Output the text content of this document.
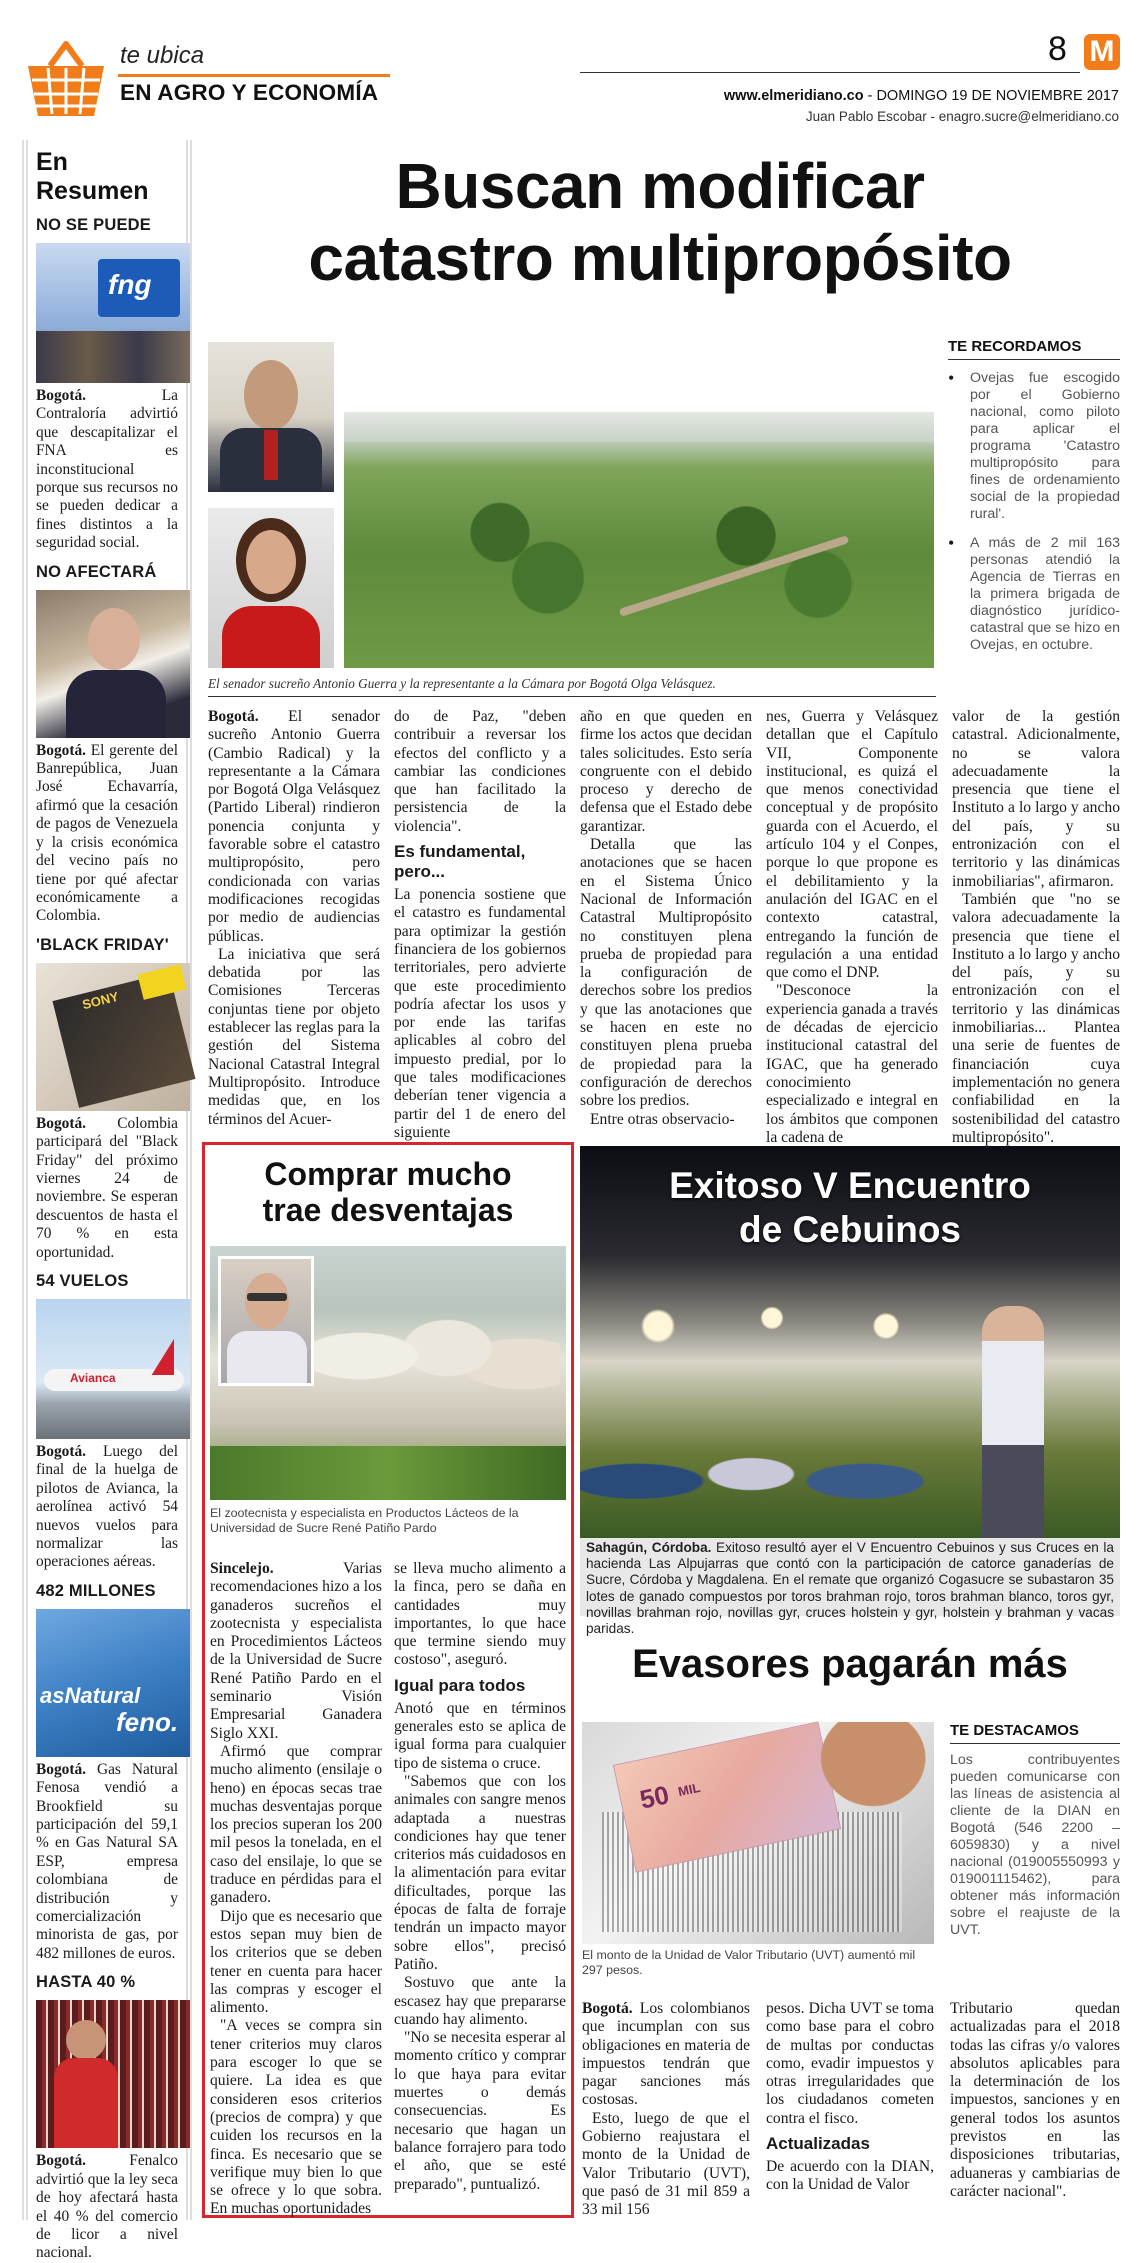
te ubica
EN AGRO Y ECONOMÍA
8 M
www.elmeridiano.co - DOMINGO 19 DE NOVIEMBRE 2017
Juan Pablo Escobar - enagro.sucre@elmeridiano.co
En Resumen
NO SE PUEDE
fng

Bogotá. La Contraloría advirtió que descapitalizar el FNA es inconstitucional porque sus recursos no se pueden dedicar a fines distintos a la seguridad social.

NO AFECTARÁ

Bogotá. El gerente del Banrepública, Juan José Echavarría, afirmó que la cesación de pagos de Venezuela y la crisis económica del vecino país no tiene por qué afectar económicamente a Colombia.

'BLACK FRIDAY'
SONY

Bogotá. Colombia participará del "Black Friday" del próximo viernes 24 de noviembre. Se esperan descuentos de hasta el 70 % en esta oportunidad.

54 VUELOS
Avianca

Bogotá. Luego del final de la huelga de pilotos de Avianca, la aerolínea activó 54 nuevos vuelos para normalizar las operaciones aéreas.

482 MILLONES
asNatural
feno.

Bogotá. Gas Natural Fenosa vendió a Brookfield su participación del 59,1 % en Gas Natural SA ESP, empresa colombiana de distribución y comercialización minorista de gas, por 482 millones de euros.

HASTA 40 %

Bogotá. Fenalco advirtió que la ley seca de hoy afectará hasta el 40 % del comercio de licor a nivel nacional.

Buscan modificar
catastro multipropósito
El senador sucreño Antonio Guerra y la representante a la Cámara por Bogotá Olga Velásquez.
TE RECORDAMOS
•	Ovejas fue escogido por el Gobierno nacional, como piloto para aplicar el programa 'Catastro multipropósito para fines de ordenamiento social de la propiedad rural'.

•	A más de 2 mil 163 personas atendió la Agencia de Tierras en la primera brigada de diagnóstico jurídico-catastral que se hizo en Ovejas, en octubre.

Bogotá. El senador sucreño Antonio Guerra (Cambio Radical) y la representante a la Cámara por Bogotá Olga Velásquez (Partido Liberal) rindieron ponencia conjunta y favorable sobre el catastro multipropósito, pero condicionada con varias modificaciones recogidas por medio de audiencias públicas.

La iniciativa que será debatida por las Comisiones Terceras conjuntas tiene por objeto establecer las reglas para la gestión del Sistema Nacional Catastral Integral Multipropósito. Introduce medidas que, en los términos del Acuer-

do de Paz, "deben contribuir a reversar los efectos del conflicto y a cambiar las condiciones que han facilitado la persistencia de la violencia".

Es fundamental, pero...

La ponencia sostiene que el catastro es fundamental para optimizar la gestión financiera de los gobiernos territoriales, pero advierte que este procedimiento podría afectar los usos y por ende las tarifas aplicables al cobro del impuesto predial, por lo que tales modificaciones deberían tener vigencia a partir del 1 de enero del siguiente

año en que queden en firme los actos que decidan tales solicitudes. Esto sería congruente con el debido proceso y derecho de defensa que el Estado debe garantizar.

Detalla que las anotaciones que se hacen en el Sistema Único Nacional de Información Catastral Multipropósito no constituyen plena prueba de propiedad para la configuración de derechos sobre los predios y que las anotaciones que se hacen en este no constituyen plena prueba de propiedad para la configuración de derechos sobre los predios.

Entre otras observacio-

nes, Guerra y Velásquez detallan que el Capítulo VII, Componente institucional, es quizá el que menos conectividad conceptual y de propósito guarda con el Acuerdo, el artículo 104 y el Conpes, porque lo que propone es el debilitamiento y la anulación del IGAC en el contexto catastral, entregando la función de regulación a una entidad que como el DNP.

"Desconoce la experiencia ganada a través de décadas de ejercicio institucional catastral del IGAC, que ha generado conocimiento especializado e integral en los ámbitos que componen la cadena de

valor de la gestión catastral. Adicionalmente, no se valora adecuadamente la presencia que tiene el Instituto a lo largo y ancho del país, y su entronización con el territorio y las dinámicas inmobiliarias", afirmaron.

También que "no se valora adecuadamente la presencia que tiene el Instituto a lo largo y ancho del país, y su entronización con el territorio y las dinámicas inmobiliarias... Plantea una serie de fuentes de financiación cuya implementación no genera confiabilidad en la sostenibilidad del catastro multipropósito".

Comprar mucho
trae desventajas
El zootecnista y especialista en Productos Lácteos de la Universidad de Sucre René Patiño Pardo

Sincelejo. Varias recomendaciones hizo a los ganaderos sucreños el zootecnista y especialista en Procedimientos Lácteos de la Universidad de Sucre René Patiño Pardo en el seminario Visión Empresarial Ganadera Siglo XXI.

Afirmó que comprar mucho alimento (ensilaje o heno) en épocas secas trae muchas desventajas porque los precios superan los 200 mil pesos la tonelada, en el caso del ensilaje, lo que se traduce en pérdidas para el ganadero.

Dijo que es necesario que estos sepan muy bien de los criterios que se deben tener en cuenta para hacer las compras y escoger el alimento.

"A veces se compra sin tener criterios muy claros para escoger lo que se quiere. La idea es que consideren esos criterios (precios de compra) y que cuiden los recursos en la finca. Es necesario que se verifique muy bien lo que se ofrece y lo que sobra. En muchas oportunidades

se lleva mucho alimento a la finca, pero se daña en cantidades muy importantes, lo que hace que termine siendo muy costoso", aseguró.

Igual para todos

Anotó que en términos generales esto se aplica de igual forma para cualquier tipo de sistema o cruce.

"Sabemos que con los animales con sangre menos adaptada a nuestras condiciones hay que tener criterios más cuidadosos en la alimentación para evitar dificultades, porque las épocas de falta de forraje tendrán un impacto mayor sobre ellos", precisó Patiño.

Sostuvo que ante la escasez hay que prepararse cuando hay alimento.

"No se necesita esperar al momento crítico y comprar lo que haya para evitar muertes o demás consecuencias. Es necesario que hagan un balance forrajero para todo el año, que se esté preparado", puntualizó.

Exitoso V Encuentro
de Cebuinos

Sahagún, Córdoba. Exitoso resultó ayer el V Encuentro Cebuinos y sus Cruces en la hacienda Las Alpujarras que contó con la participación de catorce ganaderías de Sucre, Córdoba y Magdalena. En el remate que organizó Cogasucre se subastaron 35 lotes de ganado compuestos por toros brahman rojo, toros brahman blanco, toros gyr, novillas brahman rojo, novillas gyr, cruces holstein y gyr, holstein y brahman y vacas paridas.

Evasores pagarán más
50 MIL
El monto de la Unidad de Valor Tributario (UVT) aumentó mil 297 pesos.
TE DESTACAMOS

Los contribuyentes pueden comunicarse con las líneas de asistencia al cliente de la DIAN en Bogotá (546 2200 – 6059830) y a nivel nacional (019005550993 y 019001115462), para obtener más información sobre el reajuste de la UVT.

Bogotá. Los colombianos que incumplan con sus obligaciones en materia de impuestos tendrán que pagar sanciones más costosas.

Esto, luego de que el Gobierno reajustara el monto de la Unidad de Valor Tributario (UVT), que pasó de 31 mil 859 a 33 mil 156

pesos. Dicha UVT se toma como base para el cobro de multas por conductas como, evadir impuestos y otras irregularidades que los ciudadanos cometen contra el fisco.

Actualizadas

De acuerdo con la DIAN, con la Unidad de Valor

Tributario quedan actualizadas para el 2018 todas las cifras y/o valores absolutos aplicables para la determinación de los impuestos, sanciones y en general todos los asuntos previstos en las disposiciones tributarias, aduaneras y cambiarias de carácter nacional".
